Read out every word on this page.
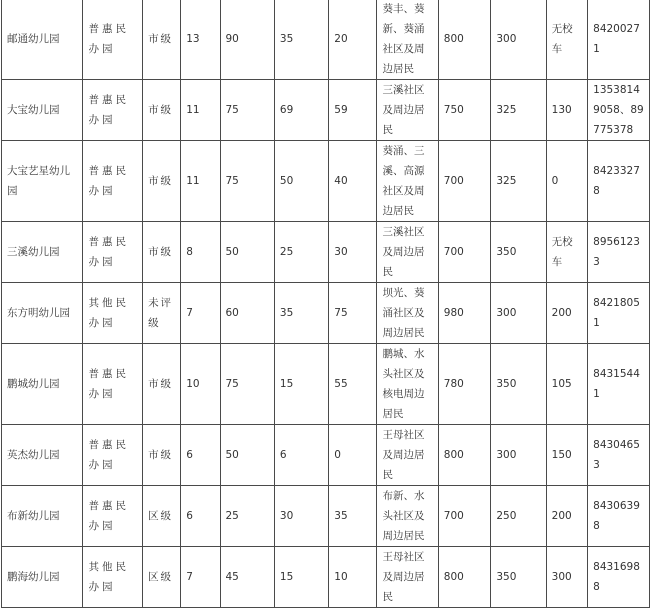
邮通幼儿园	普惠民办园	市级	13	90	35	20	葵丰、葵新、葵涌社区及周边居民	800	300	无校车	84200271
大宝幼儿园	普惠民办园	市级	11	75	69	59	三溪社区及周边居民	750	325	130	13538149058、89775378
大宝艺星幼儿园	普惠民办园	市级	11	75	50	40	葵涌、三溪、高源社区及周边居民	700	325	0	84233278
三溪幼儿园	普惠民办园	市级	8	50	25	30	三溪社区及周边居民	700	350	无校车	89561233
东方明幼儿园	其他民办园	未评级	7	60	35	75	坝光、葵涌社区及周边居民	980	300	200	84218051
鹏城幼儿园	普惠民办园	市级	10	75	15	55	鹏城、水头社区及核电周边居民	780	350	105	84315441
英杰幼儿园	普惠民办园	市级	6	50	6	0	王母社区及周边居民	800	300	150	84304653
布新幼儿园	普惠民办园	区级	6	25	30	35	布新、水头社区及周边居民	700	250	200	84306398
鹏海幼儿园	其他民办园	区级	7	45	15	10	王母社区及周边居民	800	350	300	84316988
